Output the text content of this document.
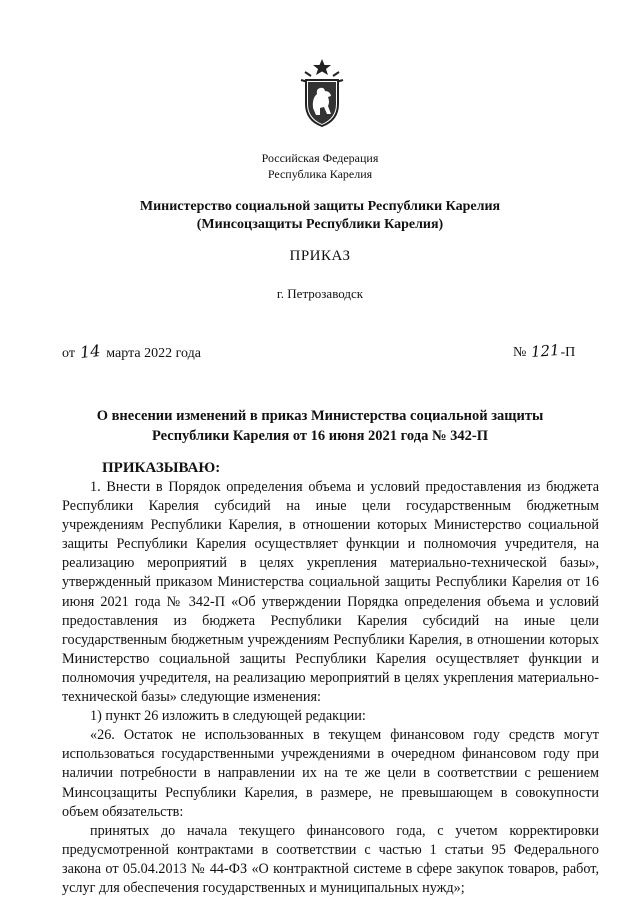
Российская Федерация
Республика Карелия
Министерство социальной защиты Республики Карелия
(Минсоцзащиты Республики Карелия)
ПРИКАЗ
г. Петрозаводск
от 14 марта 2022 года	№ 121-П
О внесении изменений в приказ Министерства социальной защиты
Республики Карелия от 16 июня 2021 года № 342-П

ПРИКАЗЫВАЮ:

1. Внести в Порядок определения объема и условий предоставления из бюджета Республики Карелия субсидий на иные цели государственным бюджетным учреждениям Республики Карелия, в отношении которых Министерство социальной защиты Республики Карелия осуществляет функции и полномочия учредителя, на реализацию мероприятий в целях укрепления материально-технической базы», утвержденный приказом Министерства социальной защиты Республики Карелия от 16 июня 2021 года № 342-П «Об утверждении Порядка определения объема и условий предоставления из бюджета Республики Карелия субсидий на иные цели государственным бюджетным учреждениям Республики Карелия, в отношении которых Министерство социальной защиты Республики Карелия осуществляет функции и полномочия учредителя, на реализацию мероприятий в целях укрепления материально-технической базы» следующие изменения:

1) пункт 26 изложить в следующей редакции:

«26. Остаток не использованных в текущем финансовом году средств могут использоваться государственными учреждениями в очередном финансовом году при наличии потребности в направлении их на те же цели в соответствии с решением Минсоцзащиты Республики Карелия, в размере, не превышающем в совокупности объем обязательств:

принятых до начала текущего финансового года, с учетом корректировки предусмотренной контрактами в соответствии с частью 1 статьи 95 Федерального закона от 05.04.2013 № 44-ФЗ «О контрактной системе в сфере закупок товаров, работ, услуг для обеспечения государственных и муниципальных нужд»;
